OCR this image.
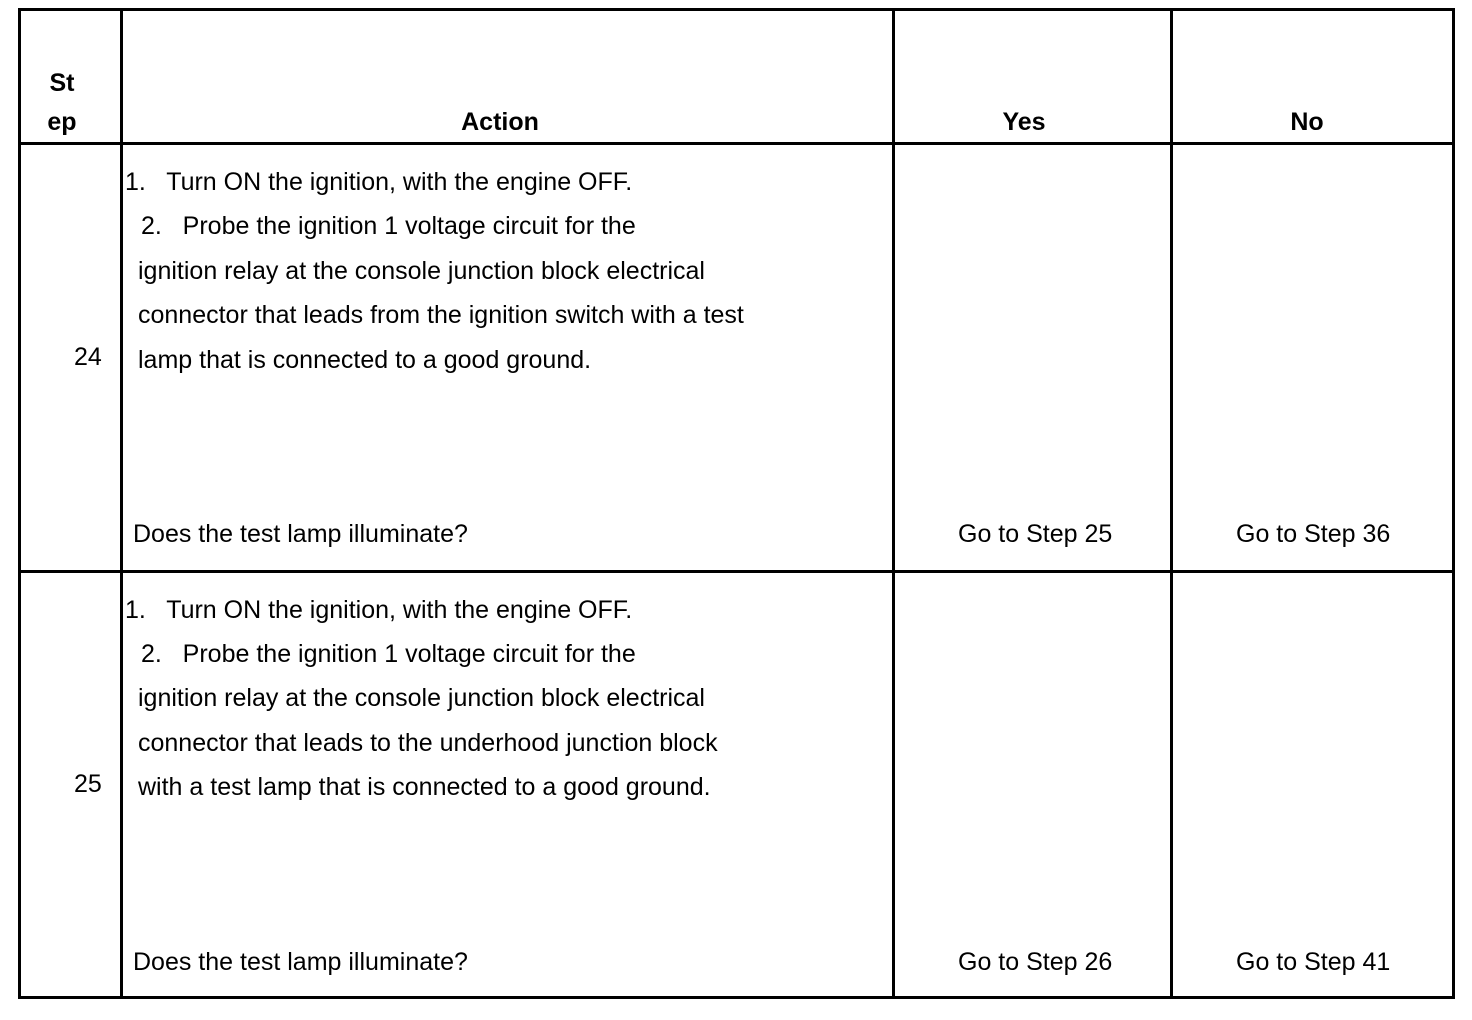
St
ep	Action	Yes	No
24
1.   Turn ON the ignition, with the engine OFF.
2.   Probe the ignition 1 voltage circuit for the
ignition relay at the console junction block electrical
connector that leads from the ignition switch with a test
lamp that is connected to a good ground.
Does the test lamp illuminate?	Go to Step 25	Go to Step 36
25
1.   Turn ON the ignition, with the engine OFF.
2.   Probe the ignition 1 voltage circuit for the
ignition relay at the console junction block electrical
connector that leads to the underhood junction block
with a test lamp that is connected to a good ground.
Does the test lamp illuminate?	Go to Step 26	Go to Step 41
